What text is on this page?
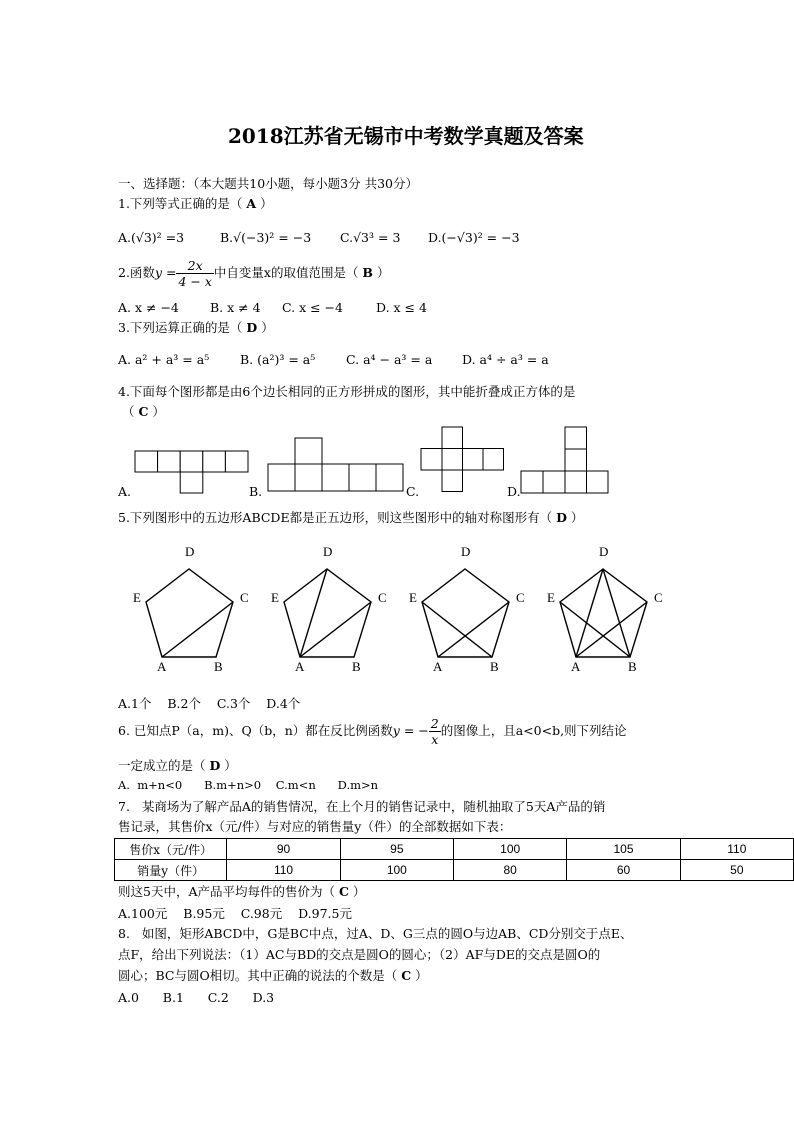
2018江苏省无锡市中考数学真题及答案
一、选择题：（本大题共10小题，每小题3分 共30分）
1.下列等式正确的是（ A ）
A.(√3)² =3	B.√(−3)² = −3 C.√3³ = 3 D.(−√3)² = −3
2.函数$y = \frac{2x}{4 - x}$ 中自变量x的取值范围是（ B ）
A. x ≠ −4 B. x ≠ 4 C. x ≤ −4	D. x ≤ 4
3.下列运算正确的是（ D ）
A. a² + a³ = a⁵ B. (a²)³ = a⁵ C. a⁴ − a³ = a D. a⁴ ÷ a³ = a
4.下面每个图形都是由6个边长相同的正方形拼成的图形，其中能折叠成正方体的是
（ C ）
A.	B.	C.	D.
5.下列图形中的五边形ABCDE都是正五边形，则这些图形中的轴对称图形有（ D ）
D
E	C
A	B
D
E	C
A	B
D
E	C
A	B
D
E	C
A	B
A.1个    B.2个    C.3个    D.4个
6. 已知点P（a，m)、Q（b，n）都在反比例函数y = − $\frac{2}{x}$ 的图像上，且a<0<b,则下列结论
一定成立的是（ D ）
A.  m+n<0      B.m+n>0    C.m<n      D.m>n
7.   某商场为了解产品A的销售情况，在上个月的销售记录中，随机抽取了5天A产品的销
售记录，其售价x（元/件）与对应的销售量y（件）的全部数据如下表：
售价x（元/件）	90	95	100	105	110
销量y（件）	110	100	80	60	50
则这5天中，A产品平均每件的售价为（ C ）
A.100元    B.95元    C.98元    D.97.5元
8.   如图，矩形ABCD中，G是BC中点，过A、D、G三点的圆O与边AB、CD分别交于点E、
点F，给出下列说法：（1）AC与BD的交点是圆O的圆心；（2）AF与DE的交点是圆O的
圆心；BC与圆O相切。其中正确的说法的个数是（ C ）
A.0      B.1      C.2      D.3
